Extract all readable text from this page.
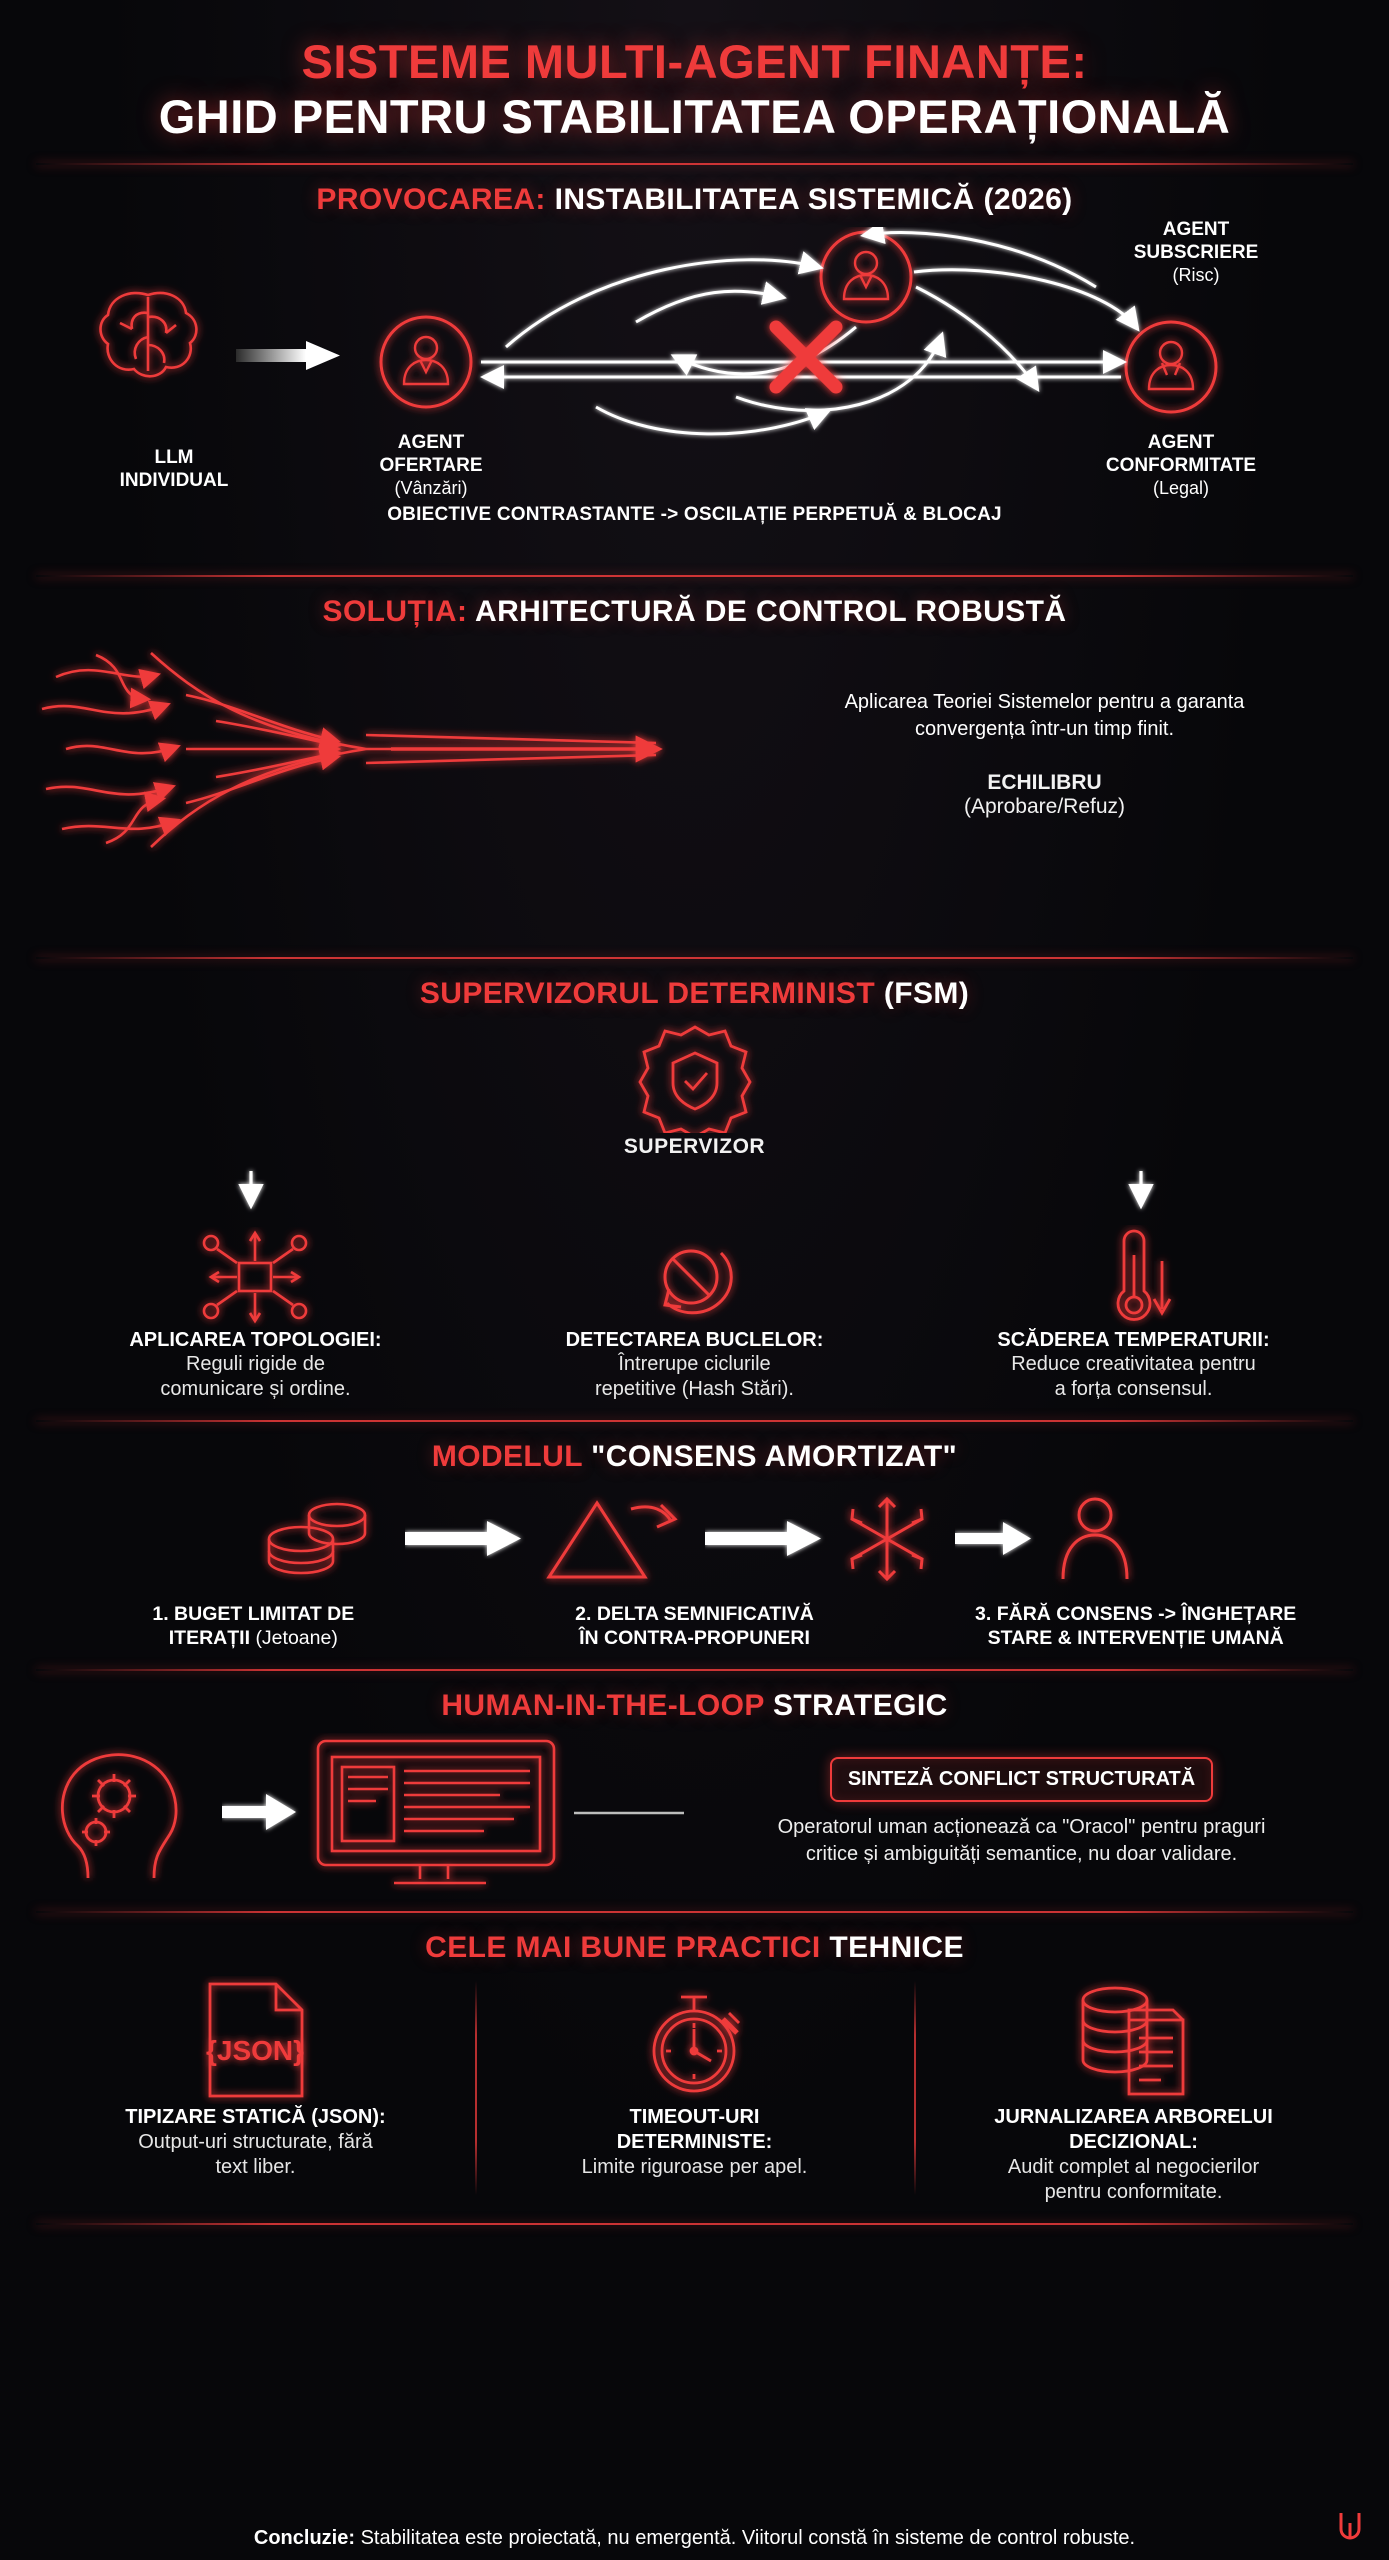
SISTEME MULTI-AGENT FINANȚE:
GHID PENTRU STABILITATEA OPERAȚIONALĂ
PROVOCAREA: INSTABILITATEA SISTEMICĂ (2026)
LLM
INDIVIDUAL
AGENT
OFERTARE
(Vânzări)
AGENT
SUBSCRIERE
(Risc)
AGENT
CONFORMITATE
(Legal)
OBIECTIVE CONTRASTANTE -> OSCILAȚIE PERPETUĂ & BLOCAJ
SOLUȚIA: ARHITECTURĂ DE CONTROL ROBUSTĂ
Aplicarea Teoriei Sistemelor pentru a garanta
convergența într-un timp finit.
ECHILIBRU
(Aprobare/Refuz)
SUPERVIZORUL DETERMINIST (FSM)
SUPERVIZOR
APLICAREA TOPOLOGIEI:
Reguli rigide de
comunicare și ordine.
DETECTAREA BUCLELOR:
Întrerupe ciclurile
repetitive (Hash Stări).
SCĂDEREA TEMPERATURII:
Reduce creativitatea pentru
a forța consensul.
MODELUL "CONSENS AMORTIZAT"
1. BUGET LIMITAT DE
ITERAȚII (Jetoane)
2. DELTA SEMNIFICATIVĂ
ÎN CONTRA-PROPUNERI
3. FĂRĂ CONSENS -> ÎNGHEȚARE
STARE & INTERVENȚIE UMANĂ
HUMAN-IN-THE-LOOP STRATEGIC
SINTEZĂ CONFLICT STRUCTURATĂ
Operatorul uman acționează ca "Oracol" pentru praguri
critice și ambiguități semantice, nu doar validare.
CELE MAI BUNE PRACTICI TEHNICE
{JSON}
TIPIZARE STATICĂ (JSON):
Output-uri structurate, fără
text liber.
TIMEOUT-URI
DETERMINISTE:
Limite riguroase per apel.
JURNALIZAREA ARBORELUI
DECIZIONAL:
Audit complet al negocierilor
pentru conformitate.
Concluzie: Stabilitatea este proiectată, nu emergentă. Viitorul constă în sisteme de control robuste.
